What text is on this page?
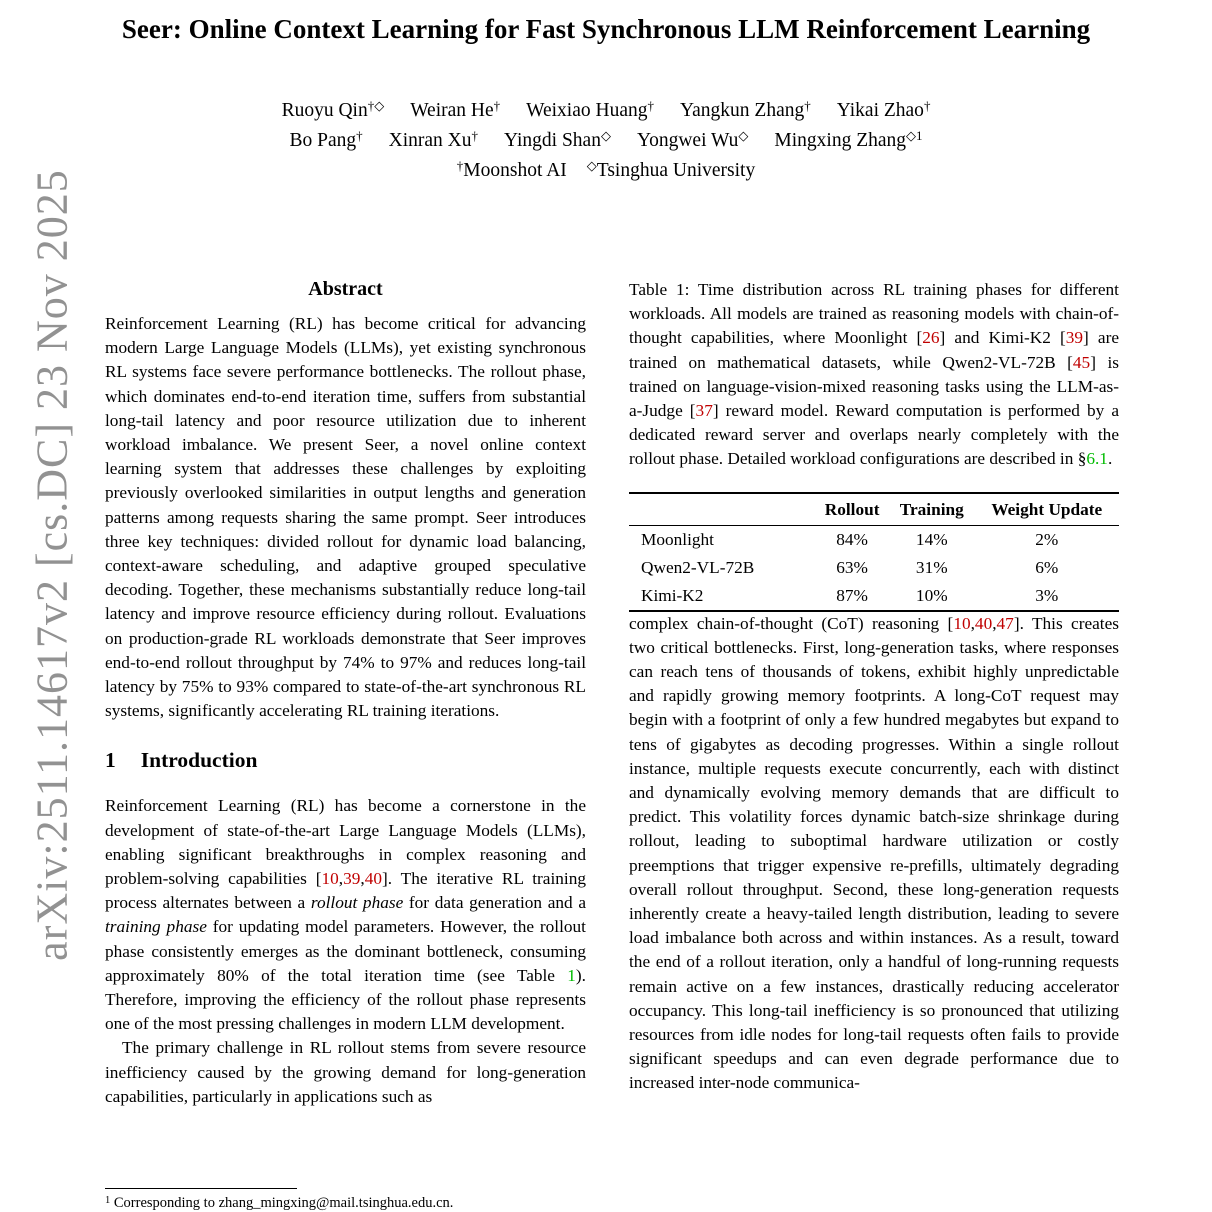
arXiv:2511.14617v2 [cs.DC] 23 Nov 2025
Seer: Online Context Learning for Fast Synchronous LLM Reinforcement Learning
Ruoyu Qin†◇ Weiran He† Weixiao Huang† Yangkun Zhang† Yikai Zhao†
Bo Pang† Xinran Xu† Yingdi Shan◇ Yongwei Wu◇ Mingxing Zhang$^{◇1}$
†Moonshot AI ◇Tsinghua University
Abstract

Reinforcement Learning (RL) has become critical for advancing modern Large Language Models (LLMs), yet existing synchronous RL systems face severe performance bottlenecks. The rollout phase, which dominates end-to-end iteration time, suffers from substantial long-tail latency and poor resource utilization due to inherent workload imbalance. We present Seer, a novel online context learning system that addresses these challenges by exploiting previously overlooked similarities in output lengths and generation patterns among requests sharing the same prompt. Seer introduces three key techniques: divided rollout for dynamic load balancing, context-aware scheduling, and adaptive grouped speculative decoding. Together, these mechanisms substantially reduce long-tail latency and improve resource efficiency during rollout. Evaluations on production-grade RL workloads demonstrate that Seer improves end-to-end rollout throughput by 74% to 97% and reduces long-tail latency by 75% to 93% compared to state-of-the-art synchronous RL systems, significantly accelerating RL training iterations.

1 Introduction

Reinforcement Learning (RL) has become a cornerstone in the development of state-of-the-art Large Language Models (LLMs), enabling significant breakthroughs in complex reasoning and problem-solving capabilities [10,39,40]. The iterative RL training process alternates between a rollout phase for data generation and a training phase for updating model parameters. However, the rollout phase consistently emerges as the dominant bottleneck, consuming approximately 80% of the total iteration time (see Table 1). Therefore, improving the efficiency of the rollout phase represents one of the most pressing challenges in modern LLM development.

The primary challenge in RL rollout stems from severe resource inefficiency caused by the growing demand for long-generation capabilities, particularly in applications such as

$^1$ Corresponding to zhang_mingxing@mail.tsinghua.edu.cn.

Table 1: Time distribution across RL training phases for different workloads. All models are trained as reasoning models with chain-of-thought capabilities, where Moonlight [26] and Kimi-K2 [39] are trained on mathematical datasets, while Qwen2-VL-72B [45] is trained on language-vision-mixed reasoning tasks using the LLM-as-a-Judge [37] reward model. Reward computation is performed by a dedicated reward server and overlaps nearly completely with the rollout phase. Detailed workload configurations are described in §6.1.

	Rollout	Training	Weight Update
Moonlight	84%	14%	2%
Qwen2-VL-72B	63%	31%	6%
Kimi-K2	87%	10%	3%

complex chain-of-thought (CoT) reasoning [10,40,47]. This creates two critical bottlenecks. First, long-generation tasks, where responses can reach tens of thousands of tokens, exhibit highly unpredictable and rapidly growing memory footprints. A long-CoT request may begin with a footprint of only a few hundred megabytes but expand to tens of gigabytes as decoding progresses. Within a single rollout instance, multiple requests execute concurrently, each with distinct and dynamically evolving memory demands that are difficult to predict. This volatility forces dynamic batch-size shrinkage during rollout, leading to suboptimal hardware utilization or costly preemptions that trigger expensive re-prefills, ultimately degrading overall rollout throughput. Second, these long-generation requests inherently create a heavy-tailed length distribution, leading to severe load imbalance both across and within instances. As a result, toward the end of a rollout iteration, only a handful of long-running requests remain active on a few instances, drastically reducing accelerator occupancy. This long-tail inefficiency is so pronounced that utilizing resources from idle nodes for long-tail requests often fails to provide significant speedups and can even degrade performance due to increased inter-node communica-
